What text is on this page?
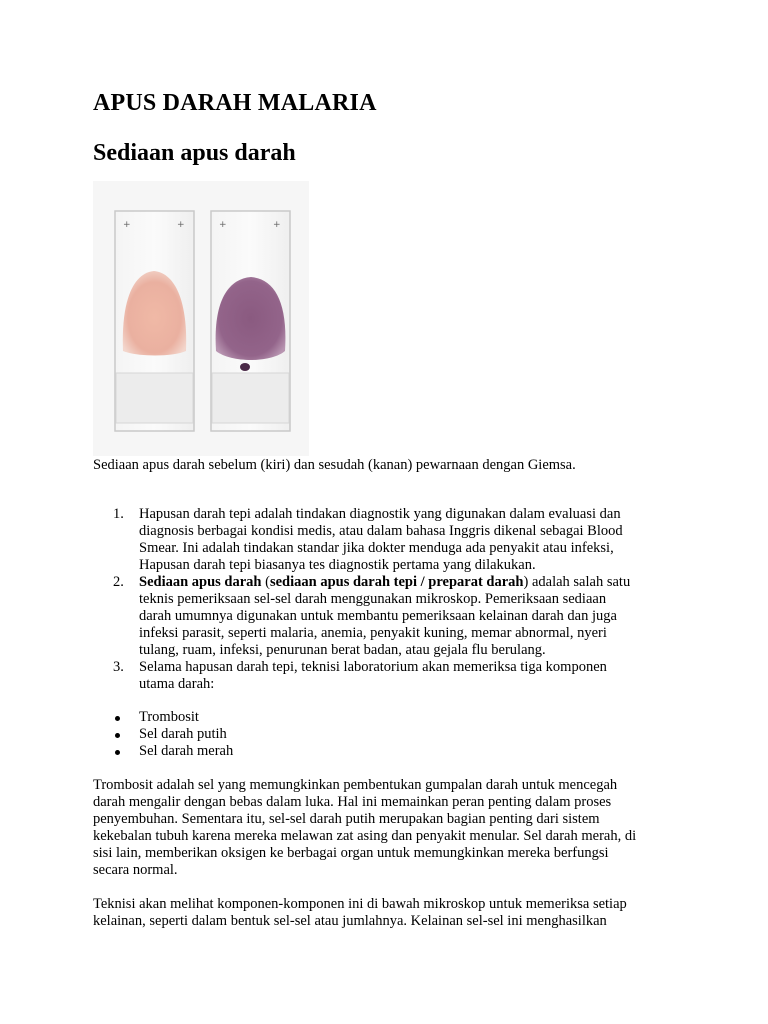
APUS DARAH MALARIA
Sediaan apus darah
+	+	+	+

Sediaan apus darah sebelum (kiri) dan sesudah (kanan) pewarnaan dengan Giemsa.

1. Hapusan darah tepi adalah tindakan diagnostik yang digunakan dalam evaluasi dan
diagnosis berbagai kondisi medis, atau dalam bahasa Inggris dikenal sebagai Blood
Smear. Ini adalah tindakan standar jika dokter menduga ada penyakit atau infeksi,
Hapusan darah tepi biasanya tes diagnostik pertama yang dilakukan.
2. Sediaan apus darah (sediaan apus darah tepi / preparat darah) adalah salah satu
teknis pemeriksaan sel-sel darah menggunakan mikroskop. Pemeriksaan sediaan
darah umumnya digunakan untuk membantu pemeriksaan kelainan darah dan juga
infeksi parasit, seperti malaria, anemia, penyakit kuning, memar abnormal, nyeri
tulang, ruam, infeksi, penurunan berat badan, atau gejala flu berulang.
3. Selama hapusan darah tepi, teknisi laboratorium akan memeriksa tiga komponen
utama darah:
Trombosit
Sel darah putih
Sel darah merah

Trombosit adalah sel yang memungkinkan pembentukan gumpalan darah untuk mencegah
darah mengalir dengan bebas dalam luka. Hal ini memainkan peran penting dalam proses
penyembuhan. Sementara itu, sel-sel darah putih merupakan bagian penting dari sistem
kekebalan tubuh karena mereka melawan zat asing dan penyakit menular. Sel darah merah, di
sisi lain, memberikan oksigen ke berbagai organ untuk memungkinkan mereka berfungsi
secara normal.

Teknisi akan melihat komponen-komponen ini di bawah mikroskop untuk memeriksa setiap
kelainan, seperti dalam bentuk sel-sel atau jumlahnya. Kelainan sel-sel ini menghasilkan
